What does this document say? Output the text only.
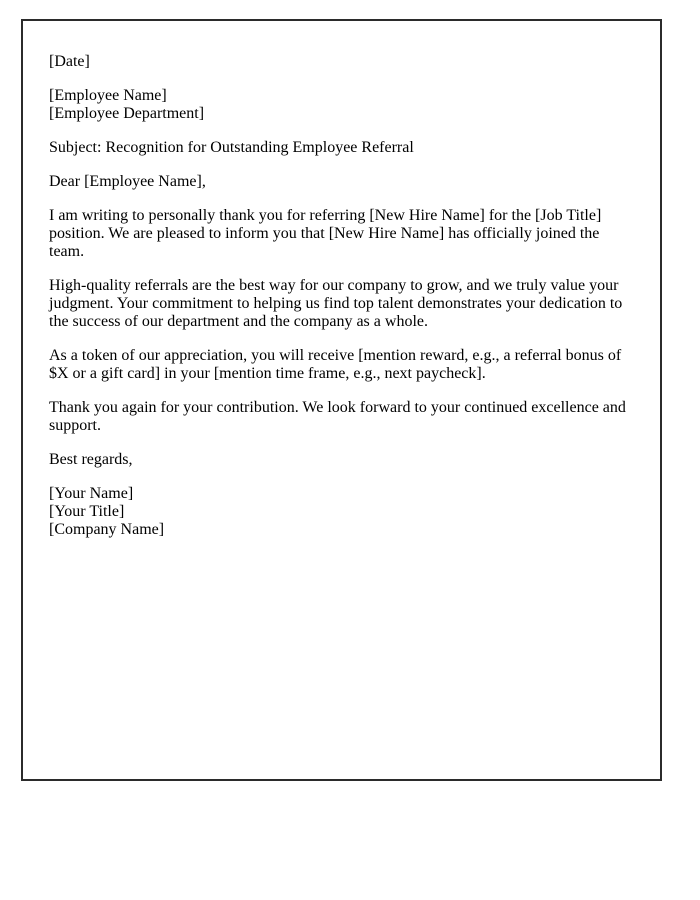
[Date]

[Employee Name]
[Employee Department]

Subject: Recognition for Outstanding Employee Referral

Dear [Employee Name],

I am writing to personally thank you for referring [New Hire Name] for the [Job Title] position. We are pleased to inform you that [New Hire Name] has officially joined the team.

High-quality referrals are the best way for our company to grow, and we truly value your judgment. Your commitment to helping us find top talent demonstrates your dedication to the success of our department and the company as a whole.

As a token of our appreciation, you will receive [mention reward, e.g., a referral bonus of $X or a gift card] in your [mention time frame, e.g., next paycheck].

Thank you again for your contribution. We look forward to your continued excellence and support.

Best regards,

[Your Name]
[Your Title]
[Company Name]
